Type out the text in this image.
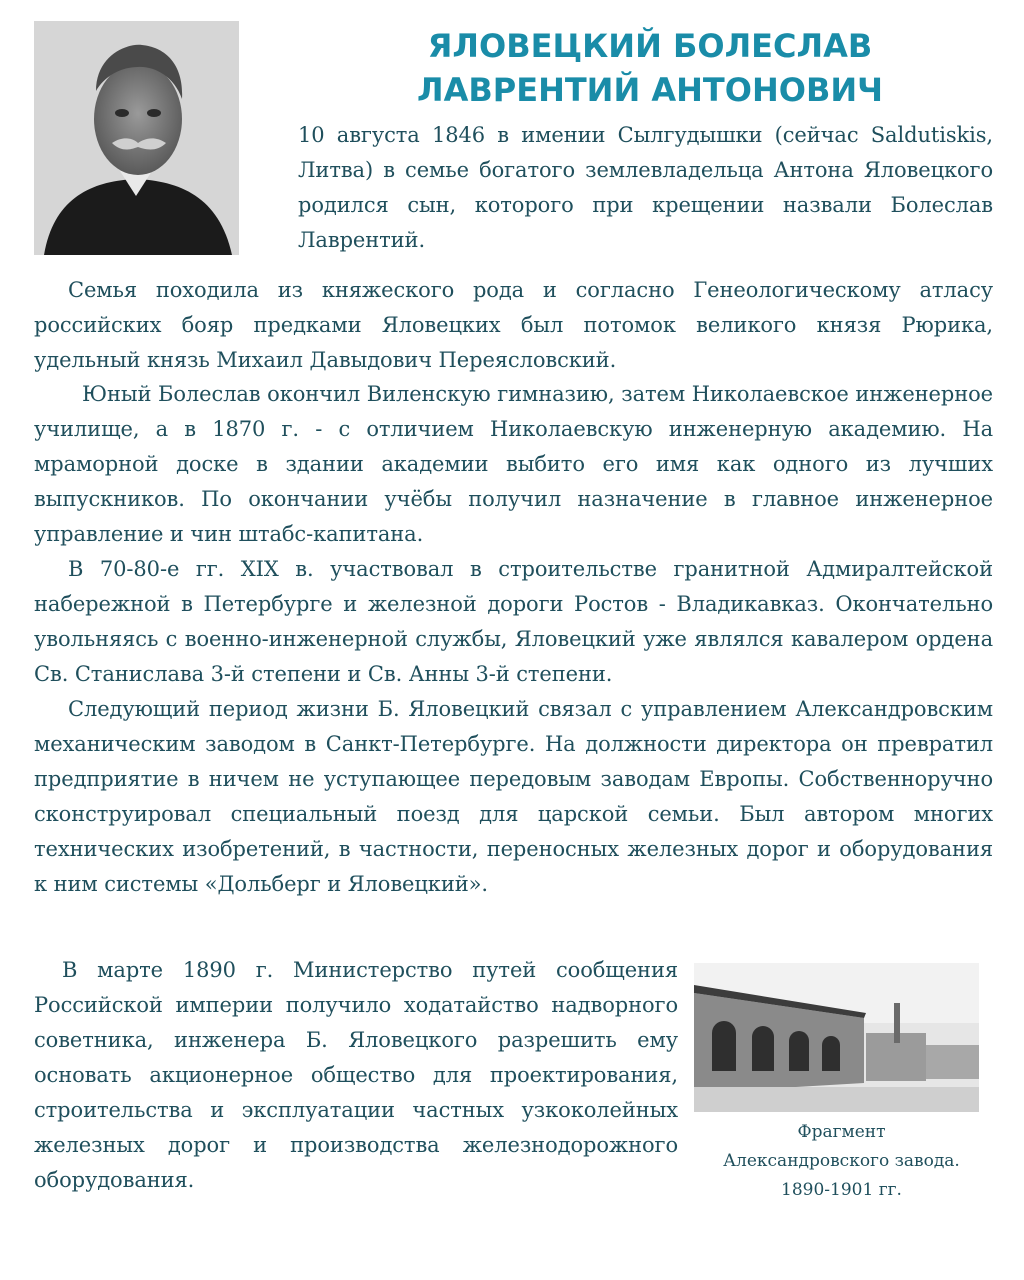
ЯЛОВЕЦКИЙ БОЛЕСЛАВ
ЛАВРЕНТИЙ АНТОНОВИЧ

10 августа 1846 в имении Сылгудышки (сейчас Saldutiskis, Литва) в семье богатого землевладельца Антона Яловецкого родился сын, которого при крещении назвали Болеслав Лаврентий.

Семья походила из княжеского рода и согласно Генеологическому атласу российских бояр предками Яловецких был потомок великого князя Рюрика, удельный князь Михаил Давыдович Переясловский.

Юный Болеслав окончил Виленскую гимназию, затем Николаевское инженерное училище, а в 1870 г. - с отличием Николаевскую инженерную академию. На мраморной доске в здании академии выбито его имя как одного из лучших выпускников. По окончании учёбы получил назначение в главное инженерное управление и чин штабс-капитана.

В 70-80-е гг. XIX в. участвовал в строительстве гранитной Адмиралтейской набережной в Петербурге и железной дороги Ростов - Владикавказ. Окончательно увольняясь с военно-инженерной службы, Яловецкий уже являлся кавалером ордена Св. Станислава 3-й степени и Св. Анны 3-й степени.

Следующий период жизни Б. Яловецкий связал с управлением Александровским механическим заводом в Санкт-Петербурге. На должности директора он превратил предприятие в ничем не уступающее передовым заводам Европы. Собственноручно сконструировал специальный поезд для царской семьи. Был автором многих технических изобретений, в частности, переносных железных дорог и оборудования к ним системы «Дольберг и Яловецкий».

В марте 1890 г. Министерство путей сообщения Российской империи получило ходатайство надворного советника, инженера Б. Яловецкого разрешить ему основать акционерное общество для проектирования, строительства и эксплуатации частных узкоколейных железных дорог и производства железнодорожного оборудования.

Фрагмент
Александровского завода.
1890-1901 гг.
